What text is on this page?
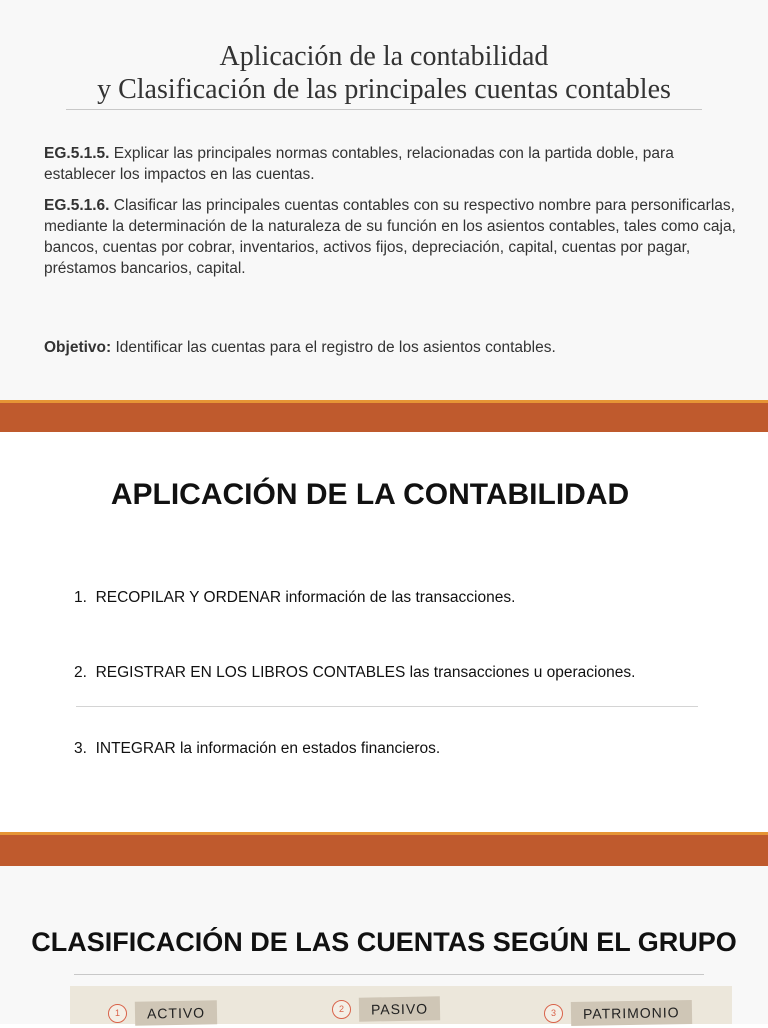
Aplicación de la contabilidad
y Clasificación de las principales cuentas contables
EG.5.1.5. Explicar las principales normas contables, relacionadas con la partida doble, para establecer los impactos en las cuentas.
EG.5.1.6. Clasificar las principales cuentas contables con su respectivo nombre para personificarlas, mediante la determinación de la naturaleza de su función en los asientos contables, tales como caja, bancos, cuentas por cobrar, inventarios, activos fijos, depreciación, capital, cuentas por pagar, préstamos bancarios, capital.
Objetivo: Identificar las cuentas para el registro de los asientos contables.
APLICACIÓN DE LA CONTABILIDAD
1. RECOPILAR Y ORDENAR información de las transacciones.
2. REGISTRAR EN LOS LIBROS CONTABLES las transacciones u operaciones.
3. INTEGRAR la información en estados financieros.
CLASIFICACIÓN DE LAS CUENTAS SEGÚN EL GRUPO
1	ACTIVO	2	PASIVO	3	PATRIMONIO
